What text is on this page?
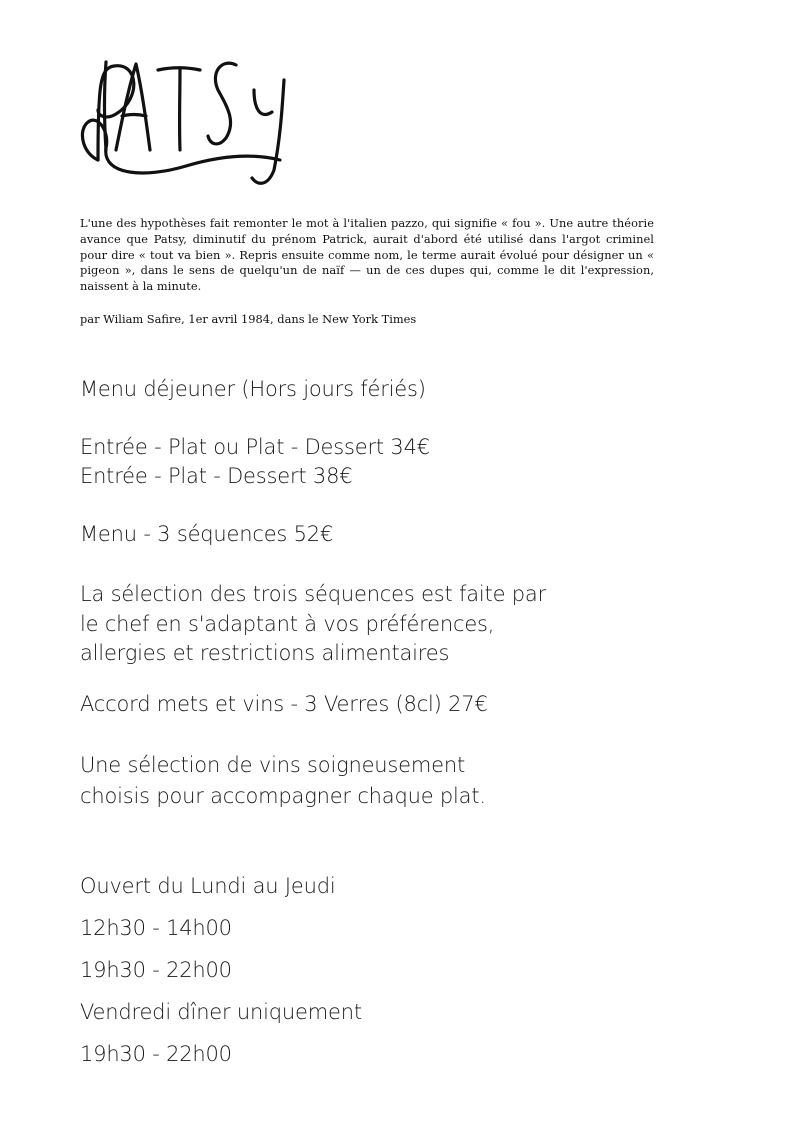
PATSY

L'une des hypothèses fait remonter le mot à l'italien pazzo, qui signifie « fou ». Une autre théorie avance que Patsy, diminutif du prénom Patrick, aurait d'abord été utilisé dans l'argot criminel pour dire « tout va bien ». Repris ensuite comme nom, le terme aurait évolué pour désigner un « pigeon », dans le sens de quelqu'un de naïf — un de ces dupes qui, comme le dit l'expression, naissent à la minute.

par Wiliam Safire, 1er avril 1984, dans le New York Times

Menu déjeuner (Hors jours fériés)

Entrée - Plat ou Plat - Dessert 34€

Entrée - Plat - Dessert 38€

Menu - 3 séquences 52€

La sélection des trois séquences est faite par
le chef en s'adaptant à vos préférences,
allergies et restrictions alimentaires

Accord mets et vins - 3 Verres (8cl) 27€

Une sélection de vins soigneusement
choisis pour accompagner chaque plat.

Ouvert du Lundi au Jeudi

12h30 - 14h00

19h30 - 22h00

Vendredi dîner uniquement

19h30 - 22h00
